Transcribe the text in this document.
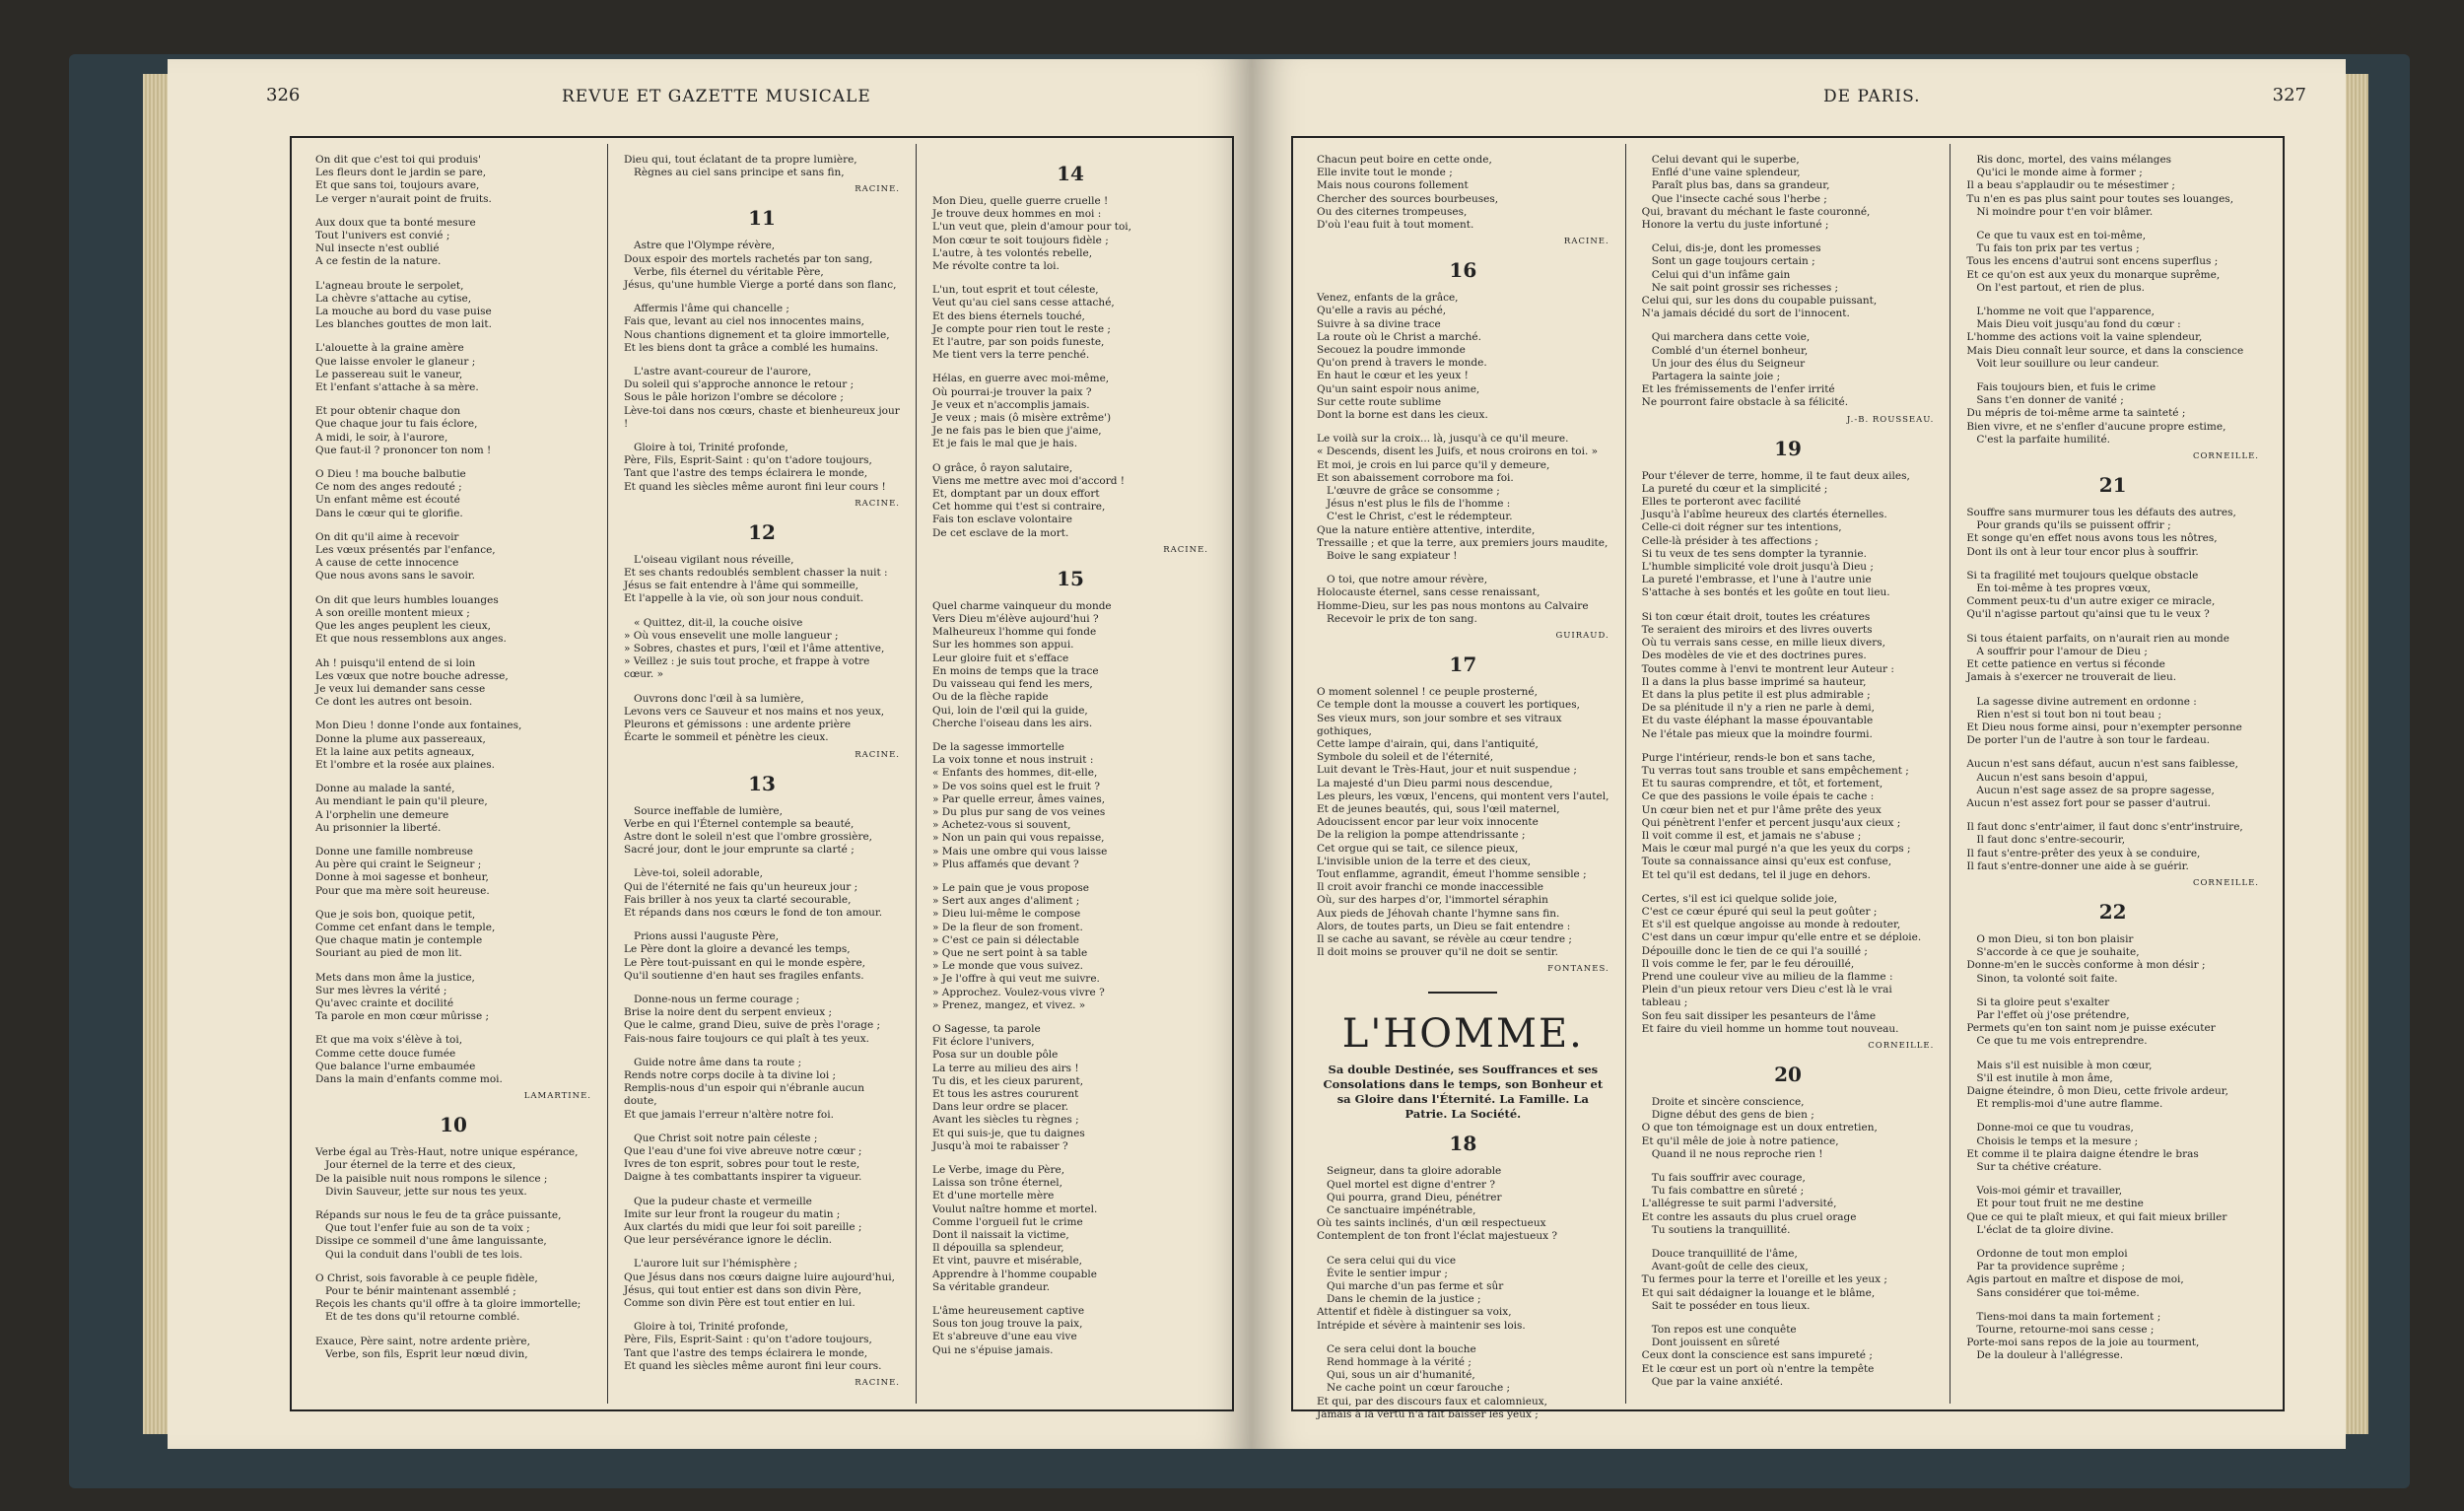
326	REVUE ET GAZETTE MUSICALE
On dit que c'est toi qui produis'
Les fleurs dont le jardin se pare,
Et que sans toi, toujours avare,
Le verger n'aurait point de fruits.
Aux doux que ta bonté mesure
Tout l'univers est convié ;
Nul insecte n'est oublié
A ce festin de la nature.
L'agneau broute le serpolet,
La chèvre s'attache au cytise,
La mouche au bord du vase puise
Les blanches gouttes de mon lait.
L'alouette à la graine amère
Que laisse envoler le glaneur ;
Le passereau suit le vaneur,
Et l'enfant s'attache à sa mère.
Et pour obtenir chaque don
Que chaque jour tu fais éclore,
A midi, le soir, à l'aurore,
Que faut-il ? prononcer ton nom !
O Dieu ! ma bouche balbutie
Ce nom des anges redouté ;
Un enfant même est écouté
Dans le cœur qui te glorifie.
On dit qu'il aime à recevoir
Les vœux présentés par l'enfance,
A cause de cette innocence
Que nous avons sans le savoir.
On dit que leurs humbles louanges
A son oreille montent mieux ;
Que les anges peuplent les cieux,
Et que nous ressemblons aux anges.
Ah ! puisqu'il entend de si loin
Les vœux que notre bouche adresse,
Je veux lui demander sans cesse
Ce dont les autres ont besoin.
Mon Dieu ! donne l'onde aux fontaines,
Donne la plume aux passereaux,
Et la laine aux petits agneaux,
Et l'ombre et la rosée aux plaines.
Donne au malade la santé,
Au mendiant le pain qu'il pleure,
A l'orphelin une demeure
Au prisonnier la liberté.
Donne une famille nombreuse
Au père qui craint le Seigneur ;
Donne à moi sagesse et bonheur,
Pour que ma mère soit heureuse.
Que je sois bon, quoique petit,
Comme cet enfant dans le temple,
Que chaque matin je contemple
Souriant au pied de mon lit.
Mets dans mon âme la justice,
Sur mes lèvres la vérité ;
Qu'avec crainte et docilité
Ta parole en mon cœur mûrisse ;
Et que ma voix s'élève à toi,
Comme cette douce fumée
Que balance l'urne embaumée
Dans la main d'enfants comme moi.
LAMARTINE.
10
Verbe égal au Très-Haut, notre unique espérance,
Jour éternel de la terre et des cieux,
De la paisible nuit nous rompons le silence ;
Divin Sauveur, jette sur nous tes yeux.
Répands sur nous le feu de ta grâce puissante,
Que tout l'enfer fuie au son de ta voix ;
Dissipe ce sommeil d'une âme languissante,
Qui la conduit dans l'oubli de tes lois.
O Christ, sois favorable à ce peuple fidèle,
Pour te bénir maintenant assemblé ;
Reçois les chants qu'il offre à ta gloire immortelle;
Et de tes dons qu'il retourne comblé.
Exauce, Père saint, notre ardente prière,
Verbe, son fils, Esprit leur nœud divin,
Dieu qui, tout éclatant de ta propre lumière,
Règnes au ciel sans principe et sans fin,
RACINE.
11
Astre que l'Olympe révère,
Doux espoir des mortels rachetés par ton sang,
Verbe, fils éternel du véritable Père,
Jésus, qu'une humble Vierge a porté dans son flanc,
Affermis l'âme qui chancelle ;
Fais que, levant au ciel nos innocentes mains,
Nous chantions dignement et ta gloire immortelle,
Et les biens dont ta grâce a comblé les humains.
L'astre avant-coureur de l'aurore,
Du soleil qui s'approche annonce le retour ;
Sous le pâle horizon l'ombre se décolore ;
Lève-toi dans nos cœurs, chaste et bienheureux jour !
Gloire à toi, Trinité profonde,
Père, Fils, Esprit-Saint : qu'on t'adore toujours,
Tant que l'astre des temps éclairera le monde,
Et quand les siècles même auront fini leur cours !
RACINE.
12
L'oiseau vigilant nous réveille,
Et ses chants redoublés semblent chasser la nuit :
Jésus se fait entendre à l'âme qui sommeille,
Et l'appelle à la vie, où son jour nous conduit.
« Quittez, dit-il, la couche oisive
» Où vous ensevelit une molle langueur ;
» Sobres, chastes et purs, l'œil et l'âme attentive,
» Veillez : je suis tout proche, et frappe à votre cœur. »
Ouvrons donc l'œil à sa lumière,
Levons vers ce Sauveur et nos mains et nos yeux,
Pleurons et gémissons : une ardente prière
Écarte le sommeil et pénètre les cieux.
RACINE.
13
Source ineffable de lumière,
Verbe en qui l'Éternel contemple sa beauté,
Astre dont le soleil n'est que l'ombre grossière,
Sacré jour, dont le jour emprunte sa clarté ;
Lève-toi, soleil adorable,
Qui de l'éternité ne fais qu'un heureux jour ;
Fais briller à nos yeux ta clarté secourable,
Et répands dans nos cœurs le fond de ton amour.
Prions aussi l'auguste Père,
Le Père dont la gloire a devancé les temps,
Le Père tout-puissant en qui le monde espère,
Qu'il soutienne d'en haut ses fragiles enfants.
Donne-nous un ferme courage ;
Brise la noire dent du serpent envieux ;
Que le calme, grand Dieu, suive de près l'orage ;
Fais-nous faire toujours ce qui plaît à tes yeux.
Guide notre âme dans ta route ;
Rends notre corps docile à ta divine loi ;
Remplis-nous d'un espoir qui n'ébranle aucun doute,
Et que jamais l'erreur n'altère notre foi.
Que Christ soit notre pain céleste ;
Que l'eau d'une foi vive abreuve notre cœur ;
Ivres de ton esprit, sobres pour tout le reste,
Daigne à tes combattants inspirer ta vigueur.
Que la pudeur chaste et vermeille
Imite sur leur front la rougeur du matin ;
Aux clartés du midi que leur foi soit pareille ;
Que leur persévérance ignore le déclin.
L'aurore luit sur l'hémisphère ;
Que Jésus dans nos cœurs daigne luire aujourd'hui,
Jésus, qui tout entier est dans son divin Père,
Comme son divin Père est tout entier en lui.
Gloire à toi, Trinité profonde,
Père, Fils, Esprit-Saint : qu'on t'adore toujours,
Tant que l'astre des temps éclairera le monde,
Et quand les siècles même auront fini leur cours.
RACINE.
14
Mon Dieu, quelle guerre cruelle !
Je trouve deux hommes en moi :
L'un veut que, plein d'amour pour toi,
Mon cœur te soit toujours fidèle ;
L'autre, à tes volontés rebelle,
Me révolte contre ta loi.
L'un, tout esprit et tout céleste,
Veut qu'au ciel sans cesse attaché,
Et des biens éternels touché,
Je compte pour rien tout le reste ;
Et l'autre, par son poids funeste,
Me tient vers la terre penché.
Hélas, en guerre avec moi-même,
Où pourrai-je trouver la paix ?
Je veux et n'accomplis jamais.
Je veux ; mais (ô misère extrême')
Je ne fais pas le bien que j'aime,
Et je fais le mal que je hais.
O grâce, ô rayon salutaire,
Viens me mettre avec moi d'accord !
Et, domptant par un doux effort
Cet homme qui t'est si contraire,
Fais ton esclave volontaire
De cet esclave de la mort.
RACINE.
15
Quel charme vainqueur du monde
Vers Dieu m'élève aujourd'hui ?
Malheureux l'homme qui fonde
Sur les hommes son appui.
Leur gloire fuit et s'efface
En moins de temps que la trace
Du vaisseau qui fend les mers,
Ou de la flèche rapide
Qui, loin de l'œil qui la guide,
Cherche l'oiseau dans les airs.
De la sagesse immortelle
La voix tonne et nous instruit :
« Enfants des hommes, dit-elle,
» De vos soins quel est le fruit ?
» Par quelle erreur, âmes vaines,
» Du plus pur sang de vos veines
» Achetez-vous si souvent,
» Non un pain qui vous repaisse,
» Mais une ombre qui vous laisse
» Plus affamés que devant ?
» Le pain que je vous propose
» Sert aux anges d'aliment ;
» Dieu lui-même le compose
» De la fleur de son froment.
» C'est ce pain si délectable
» Que ne sert point à sa table
» Le monde que vous suivez.
» Je l'offre à qui veut me suivre.
» Approchez. Voulez-vous vivre ?
» Prenez, mangez, et vivez. »
O Sagesse, ta parole
Fit éclore l'univers,
Posa sur un double pôle
La terre au milieu des airs !
Tu dis, et les cieux parurent,
Et tous les astres coururent
Dans leur ordre se placer.
Avant les siècles tu règnes ;
Et qui suis-je, que tu daignes
Jusqu'à moi te rabaisser ?
Le Verbe, image du Père,
Laissa son trône éternel,
Et d'une mortelle mère
Voulut naître homme et mortel.
Comme l'orgueil fut le crime
Dont il naissait la victime,
Il dépouilla sa splendeur,
Et vint, pauvre et misérable,
Apprendre à l'homme coupable
Sa véritable grandeur.
L'âme heureusement captive
Sous ton joug trouve la paix,
Et s'abreuve d'une eau vive
Qui ne s'épuise jamais.
DE PARIS.	327
Chacun peut boire en cette onde,
Elle invite tout le monde ;
Mais nous courons follement
Chercher des sources bourbeuses,
Ou des citernes trompeuses,
D'où l'eau fuit à tout moment.
RACINE.
16
Venez, enfants de la grâce,
Qu'elle a ravis au péché,
Suivre à sa divine trace
La route où le Christ a marché.
Secouez la poudre immonde
Qu'on prend à travers le monde.
En haut le cœur et les yeux !
Qu'un saint espoir nous anime,
Sur cette route sublime
Dont la borne est dans les cieux.
Le voilà sur la croix... là, jusqu'à ce qu'il meure.
« Descends, disent les Juifs, et nous croirons en toi. »
Et moi, je crois en lui parce qu'il y demeure,
Et son abaissement corrobore ma foi.
L'œuvre de grâce se consomme ;
Jésus n'est plus le fils de l'homme :
C'est le Christ, c'est le rédempteur.
Que la nature entière attentive, interdite,
Tressaille ; et que la terre, aux premiers jours maudite,
Boive le sang expiateur !
O toi, que notre amour révère,
Holocauste éternel, sans cesse renaissant,
Homme-Dieu, sur les pas nous montons au Calvaire
Recevoir le prix de ton sang.
GUIRAUD.
17
O moment solennel ! ce peuple prosterné,
Ce temple dont la mousse a couvert les portiques,
Ses vieux murs, son jour sombre et ses vitraux gothiques,
Cette lampe d'airain, qui, dans l'antiquité,
Symbole du soleil et de l'éternité,
Luit devant le Très-Haut, jour et nuit suspendue ;
La majesté d'un Dieu parmi nous descendue,
Les pleurs, les vœux, l'encens, qui montent vers l'autel,
Et de jeunes beautés, qui, sous l'œil maternel,
Adoucissent encor par leur voix innocente
De la religion la pompe attendrissante ;
Cet orgue qui se tait, ce silence pieux,
L'invisible union de la terre et des cieux,
Tout enflamme, agrandit, émeut l'homme sensible ;
Il croit avoir franchi ce monde inaccessible
Où, sur des harpes d'or, l'immortel séraphin
Aux pieds de Jéhovah chante l'hymne sans fin.
Alors, de toutes parts, un Dieu se fait entendre :
Il se cache au savant, se révèle au cœur tendre ;
Il doit moins se prouver qu'il ne doit se sentir.
FONTANES.
L'HOMME.
Sa double Destinée, ses Souffrances et ses Consolations dans le temps, son Bonheur et sa Gloire dans l'Éternité. La Famille. La Patrie. La Société.
18
Seigneur, dans ta gloire adorable
Quel mortel est digne d'entrer ?
Qui pourra, grand Dieu, pénétrer
Ce sanctuaire impénétrable,
Où tes saints inclinés, d'un œil respectueux
Contemplent de ton front l'éclat majestueux ?
Ce sera celui qui du vice
Évite le sentier impur ;
Qui marche d'un pas ferme et sûr
Dans le chemin de la justice ;
Attentif et fidèle à distinguer sa voix,
Intrépide et sévère à maintenir ses lois.
Ce sera celui dont la bouche
Rend hommage à la vérité ;
Qui, sous un air d'humanité,
Ne cache point un cœur farouche ;
Et qui, par des discours faux et calomnieux,
Jamais à la vertu n'a fait baisser les yeux ;
Celui devant qui le superbe,
Enflé d'une vaine splendeur,
Paraît plus bas, dans sa grandeur,
Que l'insecte caché sous l'herbe ;
Qui, bravant du méchant le faste couronné,
Honore la vertu du juste infortuné ;
Celui, dis-je, dont les promesses
Sont un gage toujours certain ;
Celui qui d'un infâme gain
Ne sait point grossir ses richesses ;
Celui qui, sur les dons du coupable puissant,
N'a jamais décidé du sort de l'innocent.
Qui marchera dans cette voie,
Comblé d'un éternel bonheur,
Un jour des élus du Seigneur
Partagera la sainte joie ;
Et les frémissements de l'enfer irrité
Ne pourront faire obstacle à sa félicité.
J.-B. ROUSSEAU.
19
Pour t'élever de terre, homme, il te faut deux ailes,
La pureté du cœur et la simplicité ;
Elles te porteront avec facilité
Jusqu'à l'abîme heureux des clartés éternelles.
Celle-ci doit régner sur tes intentions,
Celle-là présider à tes affections ;
Si tu veux de tes sens dompter la tyrannie.
L'humble simplicité vole droit jusqu'à Dieu ;
La pureté l'embrasse, et l'une à l'autre unie
S'attache à ses bontés et les goûte en tout lieu.
Si ton cœur était droit, toutes les créatures
Te seraient des miroirs et des livres ouverts
Où tu verrais sans cesse, en mille lieux divers,
Des modèles de vie et des doctrines pures.
Toutes comme à l'envi te montrent leur Auteur :
Il a dans la plus basse imprimé sa hauteur,
Et dans la plus petite il est plus admirable ;
De sa plénitude il n'y a rien ne parle à demi,
Et du vaste éléphant la masse épouvantable
Ne l'étale pas mieux que la moindre fourmi.
Purge l'intérieur, rends-le bon et sans tache,
Tu verras tout sans trouble et sans empêchement ;
Et tu sauras comprendre, et tôt, et fortement,
Ce que des passions le voile épais te cache :
Un cœur bien net et pur l'âme prête des yeux
Qui pénètrent l'enfer et percent jusqu'aux cieux ;
Il voit comme il est, et jamais ne s'abuse ;
Mais le cœur mal purgé n'a que les yeux du corps ;
Toute sa connaissance ainsi qu'eux est confuse,
Et tel qu'il est dedans, tel il juge en dehors.
Certes, s'il est ici quelque solide joie,
C'est ce cœur épuré qui seul la peut goûter ;
Et s'il est quelque angoisse au monde à redouter,
C'est dans un cœur impur qu'elle entre et se déploie.
Dépouille donc le tien de ce qui l'a souillé ;
Il vois comme le fer, par le feu dérouillé,
Prend une couleur vive au milieu de la flamme :
Plein d'un pieux retour vers Dieu c'est là le vrai tableau ;
Son feu sait dissiper les pesanteurs de l'âme
Et faire du vieil homme un homme tout nouveau.
CORNEILLE.
20
Droite et sincère conscience,
Digne début des gens de bien ;
O que ton témoignage est un doux entretien,
Et qu'il mêle de joie à notre patience,
Quand il ne nous reproche rien !
Tu fais souffrir avec courage,
Tu fais combattre en sûreté ;
L'allégresse te suit parmi l'adversité,
Et contre les assauts du plus cruel orage
Tu soutiens la tranquillité.
Douce tranquillité de l'âme,
Avant-goût de celle des cieux,
Tu fermes pour la terre et l'oreille et les yeux ;
Et qui sait dédaigner la louange et le blâme,
Sait te posséder en tous lieux.
Ton repos est une conquête
Dont jouissent en sûreté
Ceux dont la conscience est sans impureté ;
Et le cœur est un port où n'entre la tempête
Que par la vaine anxiété.
Ris donc, mortel, des vains mélanges
Qu'ici le monde aime à former ;
Il a beau s'applaudir ou te mésestimer ;
Tu n'en es pas plus saint pour toutes ses louanges,
Ni moindre pour t'en voir blâmer.
Ce que tu vaux est en toi-même,
Tu fais ton prix par tes vertus ;
Tous les encens d'autrui sont encens superflus ;
Et ce qu'on est aux yeux du monarque suprême,
On l'est partout, et rien de plus.
L'homme ne voit que l'apparence,
Mais Dieu voit jusqu'au fond du cœur :
L'homme des actions voit la vaine splendeur,
Mais Dieu connaît leur source, et dans la conscience
Voit leur souillure ou leur candeur.
Fais toujours bien, et fuis le crime
Sans t'en donner de vanité ;
Du mépris de toi-même arme ta sainteté ;
Bien vivre, et ne s'enfler d'aucune propre estime,
C'est la parfaite humilité.
CORNEILLE.
21
Souffre sans murmurer tous les défauts des autres,
Pour grands qu'ils se puissent offrir ;
Et songe qu'en effet nous avons tous les nôtres,
Dont ils ont à leur tour encor plus à souffrir.
Si ta fragilité met toujours quelque obstacle
En toi-même à tes propres vœux,
Comment peux-tu d'un autre exiger ce miracle,
Qu'il n'agisse partout qu'ainsi que tu le veux ?
Si tous étaient parfaits, on n'aurait rien au monde
A souffrir pour l'amour de Dieu ;
Et cette patience en vertus si féconde
Jamais à s'exercer ne trouverait de lieu.
La sagesse divine autrement en ordonne :
Rien n'est si tout bon ni tout beau ;
Et Dieu nous forme ainsi, pour n'exempter personne
De porter l'un de l'autre à son tour le fardeau.
Aucun n'est sans défaut, aucun n'est sans faiblesse,
Aucun n'est sans besoin d'appui,
Aucun n'est sage assez de sa propre sagesse,
Aucun n'est assez fort pour se passer d'autrui.
Il faut donc s'entr'aimer, il faut donc s'entr'instruire,
Il faut donc s'entre-secourir,
Il faut s'entre-prêter des yeux à se conduire,
Il faut s'entre-donner une aide à se guérir.
CORNEILLE.
22
O mon Dieu, si ton bon plaisir
S'accorde à ce que je souhaite,
Donne-m'en le succès conforme à mon désir ;
Sinon, ta volonté soit faite.
Si ta gloire peut s'exalter
Par l'effet où j'ose prétendre,
Permets qu'en ton saint nom je puisse exécuter
Ce que tu me vois entreprendre.
Mais s'il est nuisible à mon cœur,
S'il est inutile à mon âme,
Daigne éteindre, ô mon Dieu, cette frivole ardeur,
Et remplis-moi d'une autre flamme.
Donne-moi ce que tu voudras,
Choisis le temps et la mesure ;
Et comme il te plaira daigne étendre le bras
Sur ta chétive créature.
Vois-moi gémir et travailler,
Et pour tout fruit ne me destine
Que ce qui te plaît mieux, et qui fait mieux briller
L'éclat de ta gloire divine.
Ordonne de tout mon emploi
Par ta providence suprême ;
Agis partout en maître et dispose de moi,
Sans considérer que toi-même.
Tiens-moi dans ta main fortement ;
Tourne, retourne-moi sans cesse ;
Porte-moi sans repos de la joie au tourment,
De la douleur à l'allégresse.
